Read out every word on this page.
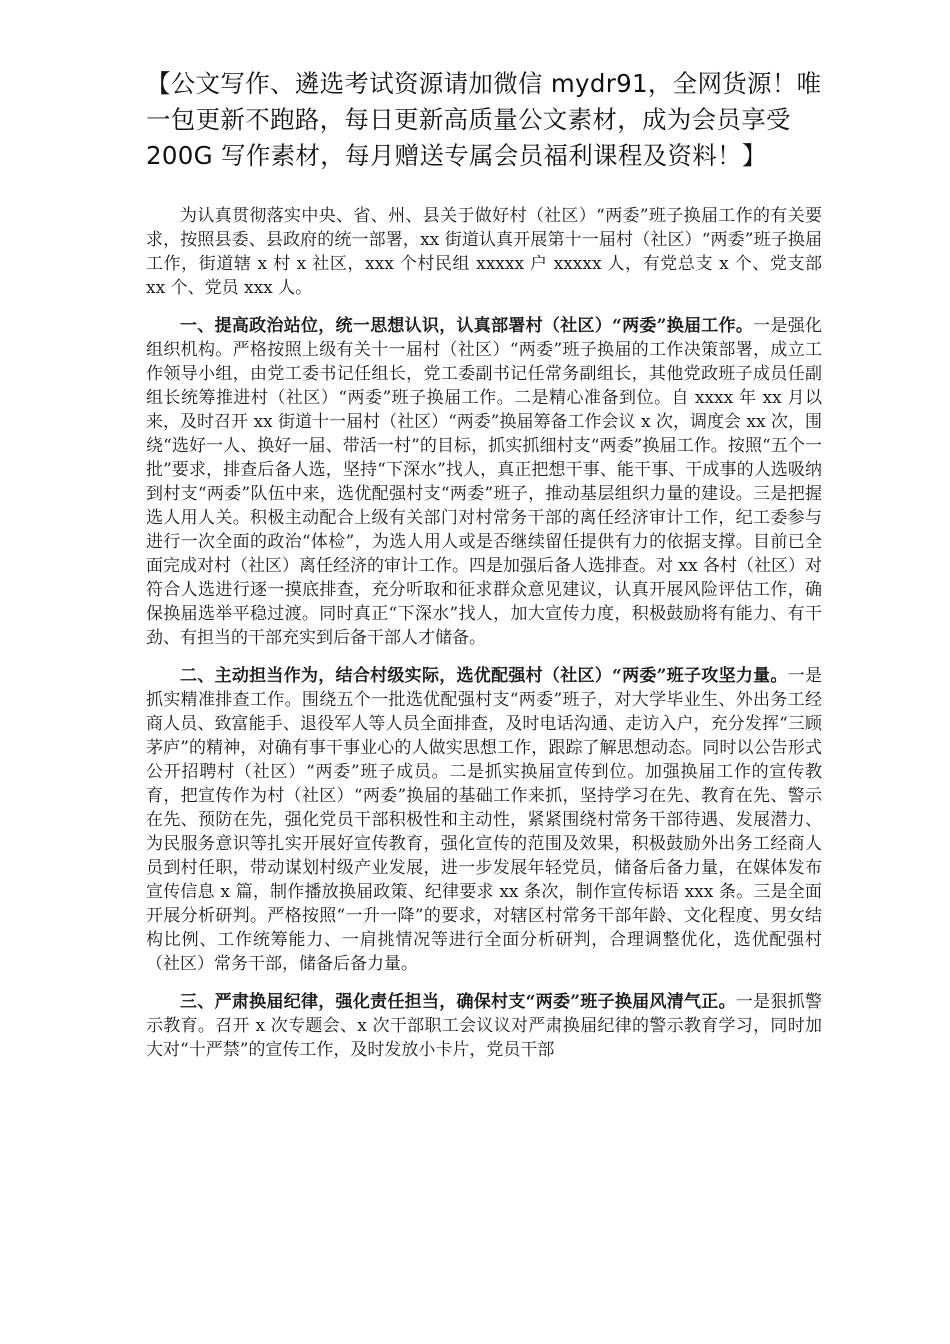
【公文写作、遴选考试资源请加微信 mydr91，全网货源！唯一包更新不跑路，每日更新高质量公文素材，成为会员享受 200G 写作素材，每月赠送专属会员福利课程及资料！】

为认真贯彻落实中央、省、州、县关于做好村（社区）“两委”班子换届工作的有关要求，按照县委、县政府的统一部署，xx 街道认真开展第十一届村（社区）“两委”班子换届工作，街道辖 x 村 x 社区，xxx 个村民组 xxxxx 户 xxxxx 人，有党总支 x 个、党支部 xx 个、党员 xxx 人。

一、提高政治站位，统一思想认识，认真部署村（社区）“两委”换届工作。一是强化组织机构。严格按照上级有关十一届村（社区）“两委”班子换届的工作决策部署，成立工作领导小组，由党工委书记任组长，党工委副书记任常务副组长，其他党政班子成员任副组长统筹推进村（社区）“两委”班子换届工作。二是精心准备到位。自 xxxx 年 xx 月以来，及时召开 xx 街道十一届村（社区）“两委”换届筹备工作会议 x 次，调度会 xx 次，围绕“选好一人、换好一届、带活一村”的目标，抓实抓细村支“两委”换届工作。按照“五个一批”要求，排查后备人选，坚持“下深水”找人，真正把想干事、能干事、干成事的人选吸纳到村支“两委”队伍中来，选优配强村支“两委”班子，推动基层组织力量的建设。三是把握选人用人关。积极主动配合上级有关部门对村常务干部的离任经济审计工作，纪工委参与进行一次全面的政治“体检”，为选人用人或是否继续留任提供有力的依据支撑。目前已全面完成对村（社区）离任经济的审计工作。四是加强后备人选排查。对 xx 各村（社区）对符合人选进行逐一摸底排查，充分听取和征求群众意见建议，认真开展风险评估工作，确保换届选举平稳过渡。同时真正“下深水”找人，加大宣传力度，积极鼓励将有能力、有干劲、有担当的干部充实到后备干部人才储备。

二、主动担当作为，结合村级实际，选优配强村（社区）“两委”班子攻坚力量。一是抓实精准排查工作。围绕五个一批选优配强村支“两委”班子，对大学毕业生、外出务工经商人员、致富能手、退役军人等人员全面排查，及时电话沟通、走访入户，充分发挥“三顾茅庐”的精神，对确有事干事业心的人做实思想工作，跟踪了解思想动态。同时以公告形式公开招聘村（社区）“两委”班子成员。二是抓实换届宣传到位。加强换届工作的宣传教育，把宣传作为村（社区）“两委”换届的基础工作来抓，坚持学习在先、教育在先、警示在先、预防在先，强化党员干部积极性和主动性，紧紧围绕村常务干部待遇、发展潜力、为民服务意识等扎实开展好宣传教育，强化宣传的范围及效果，积极鼓励外出务工经商人员到村任职，带动谋划村级产业发展，进一步发展年轻党员，储备后备力量，在媒体发布宣传信息 x 篇，制作播放换届政策、纪律要求 xx 条次，制作宣传标语 xxx 条。三是全面开展分析研判。严格按照“一升一降”的要求，对辖区村常务干部年龄、文化程度、男女结构比例、工作统筹能力、一肩挑情况等进行全面分析研判，合理调整优化，选优配强村（社区）常务干部，储备后备力量。

三、严肃换届纪律，强化责任担当，确保村支“两委”班子换届风清气正。一是狠抓警示教育。召开 x 次专题会、x 次干部职工会议议对严肃换届纪律的警示教育学习，同时加大对“十严禁”的宣传工作，及时发放小卡片，党员干部
